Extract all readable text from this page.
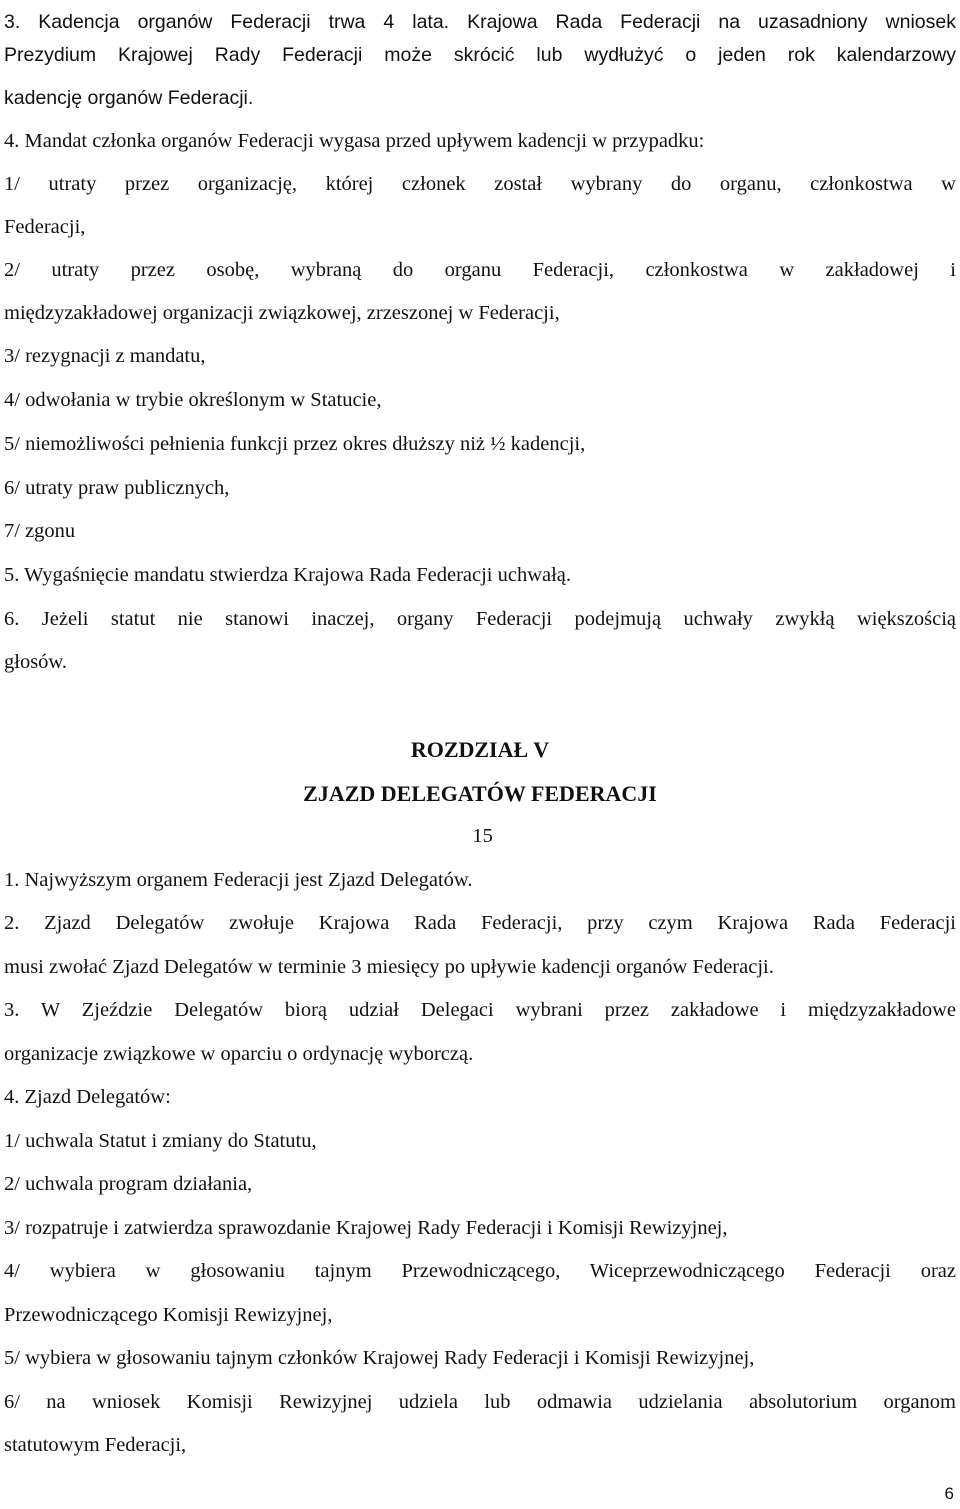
3. Kadencja organów Federacji trwa 4 lata. Krajowa Rada Federacji na uzasadniony wniosek
Prezydium Krajowej Rady Federacji może skrócić lub wydłużyć o jeden rok kalendarzowy
kadencję organów Federacji.
4. Mandat członka organów Federacji wygasa przed upływem kadencji w przypadku:
1/ utraty przez organizację, której członek został wybrany do organu, członkostwa w
Federacji,
2/ utraty przez osobę, wybraną do organu Federacji, członkostwa w zakładowej i
międzyzakładowej organizacji związkowej, zrzeszonej w Federacji,
3/ rezygnacji z mandatu,
4/ odwołania w trybie określonym w Statucie,
5/ niemożliwości pełnienia funkcji przez okres dłuższy niż ½ kadencji,
6/ utraty praw publicznych,
7/ zgonu
5. Wygaśnięcie mandatu stwierdza Krajowa Rada Federacji uchwałą.
6. Jeżeli statut nie stanowi inaczej, organy Federacji podejmują uchwały zwykłą większością
głosów.
ROZDZIAŁ V
ZJAZD DELEGATÓW FEDERACJI
15
1. Najwyższym organem Federacji jest Zjazd Delegatów.
2. Zjazd Delegatów zwołuje Krajowa Rada Federacji, przy czym Krajowa Rada Federacji
musi zwołać Zjazd Delegatów w terminie 3 miesięcy po upływie kadencji organów Federacji.
3. W Zjeździe Delegatów biorą udział Delegaci wybrani przez zakładowe i międzyzakładowe
organizacje związkowe w oparciu o ordynację wyborczą.
4. Zjazd Delegatów:
1/ uchwala Statut i zmiany do Statutu,
2/ uchwala program działania,
3/ rozpatruje i zatwierdza sprawozdanie Krajowej Rady Federacji i Komisji Rewizyjnej,
4/ wybiera w głosowaniu tajnym Przewodniczącego, Wiceprzewodniczącego Federacji oraz
Przewodniczącego Komisji Rewizyjnej,
5/ wybiera w głosowaniu tajnym członków Krajowej Rady Federacji i Komisji Rewizyjnej,
6/ na wniosek Komisji Rewizyjnej udziela lub odmawia udzielania absolutorium organom
statutowym Federacji,
6
